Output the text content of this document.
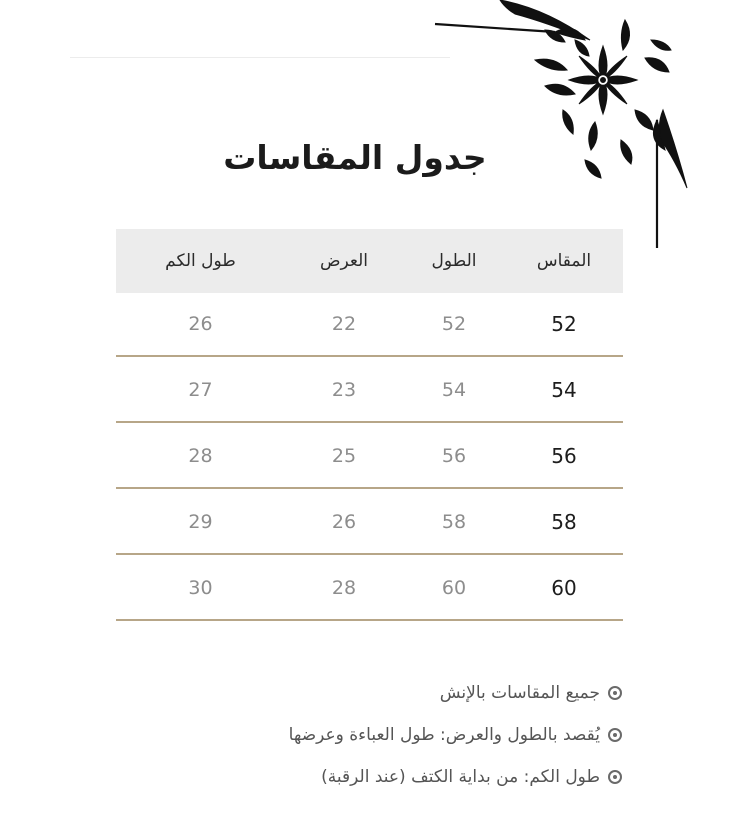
جدول المقاسات
المقاس
الطول
العرض
طول الكم
52
52
22
26
54
54
23
27
56
56
25
28
58
58
26
29
60
60
28
30
جميع المقاسات بالإنش
يُقصد بالطول والعرض: طول العباءة وعرضها
طول الكم: من بداية الكتف (عند الرقبة)
